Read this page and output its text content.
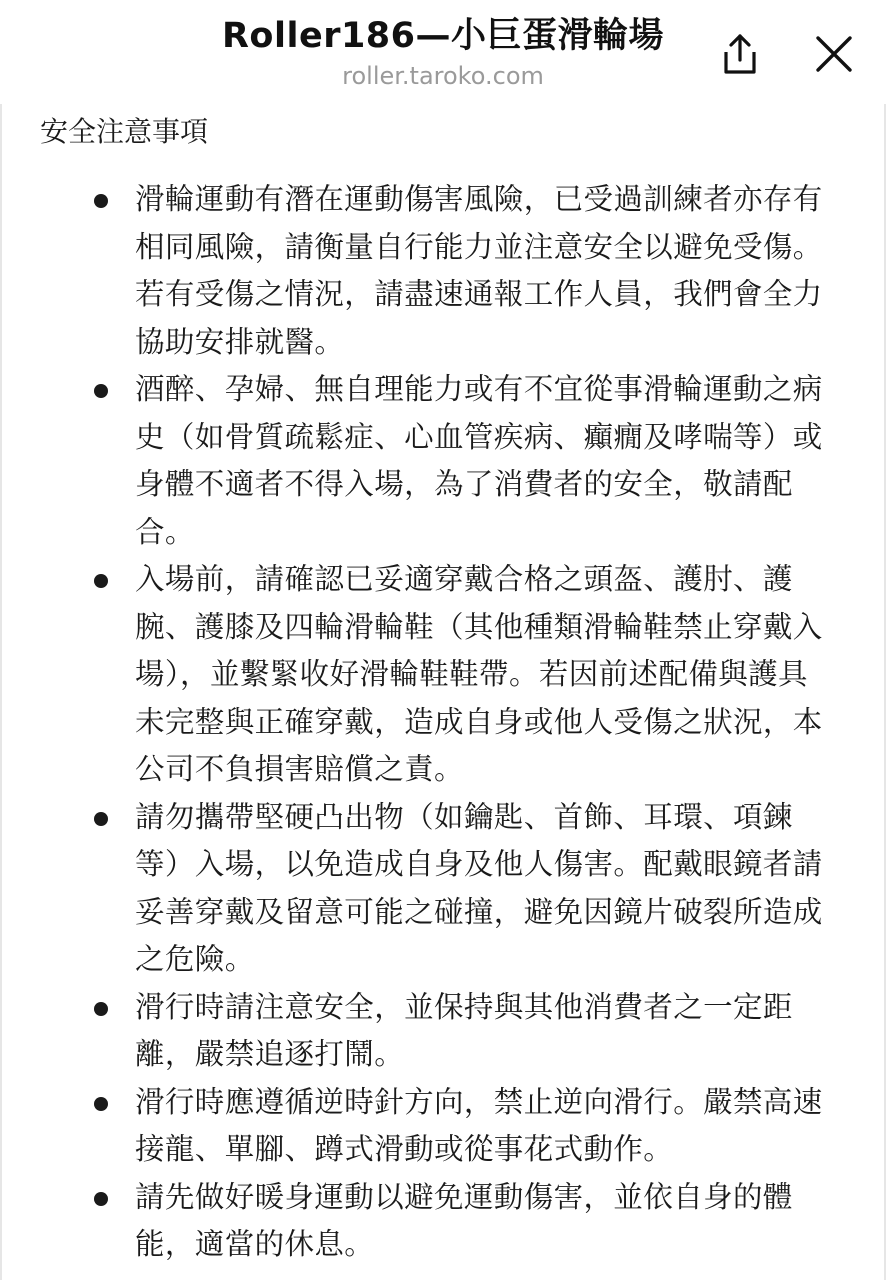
Roller186—小巨蛋滑輪場
roller.taroko.com
安全注意事項
滑輪運動有潛在運動傷害風險，已受過訓練者亦存有相同風險，請衡量自行能力並注意安全以避免受傷。若有受傷之情況，請盡速通報工作人員，我們會全力協助安排就醫。
酒醉、孕婦、無自理能力或有不宜從事滑輪運動之病史（如骨質疏鬆症、心血管疾病、癲癇及哮喘等）或身體不適者不得入場，為了消費者的安全，敬請配合。
入場前，請確認已妥適穿戴合格之頭盔、護肘、護腕、護膝及四輪滑輪鞋（其他種類滑輪鞋禁止穿戴入場），並繫緊收好滑輪鞋鞋帶。若因前述配備與護具未完整與正確穿戴，造成自身或他人受傷之狀況，本公司不負損害賠償之責。
請勿攜帶堅硬凸出物（如鑰匙、首飾、耳環、項鍊等）入場，以免造成自身及他人傷害。配戴眼鏡者請妥善穿戴及留意可能之碰撞，避免因鏡片破裂所造成之危險。
滑行時請注意安全，並保持與其他消費者之一定距離，嚴禁追逐打鬧。
滑行時應遵循逆時針方向，禁止逆向滑行。嚴禁高速接龍、單腳、蹲式滑動或從事花式動作。
請先做好暖身運動以避免運動傷害，並依自身的體能，適當的休息。
